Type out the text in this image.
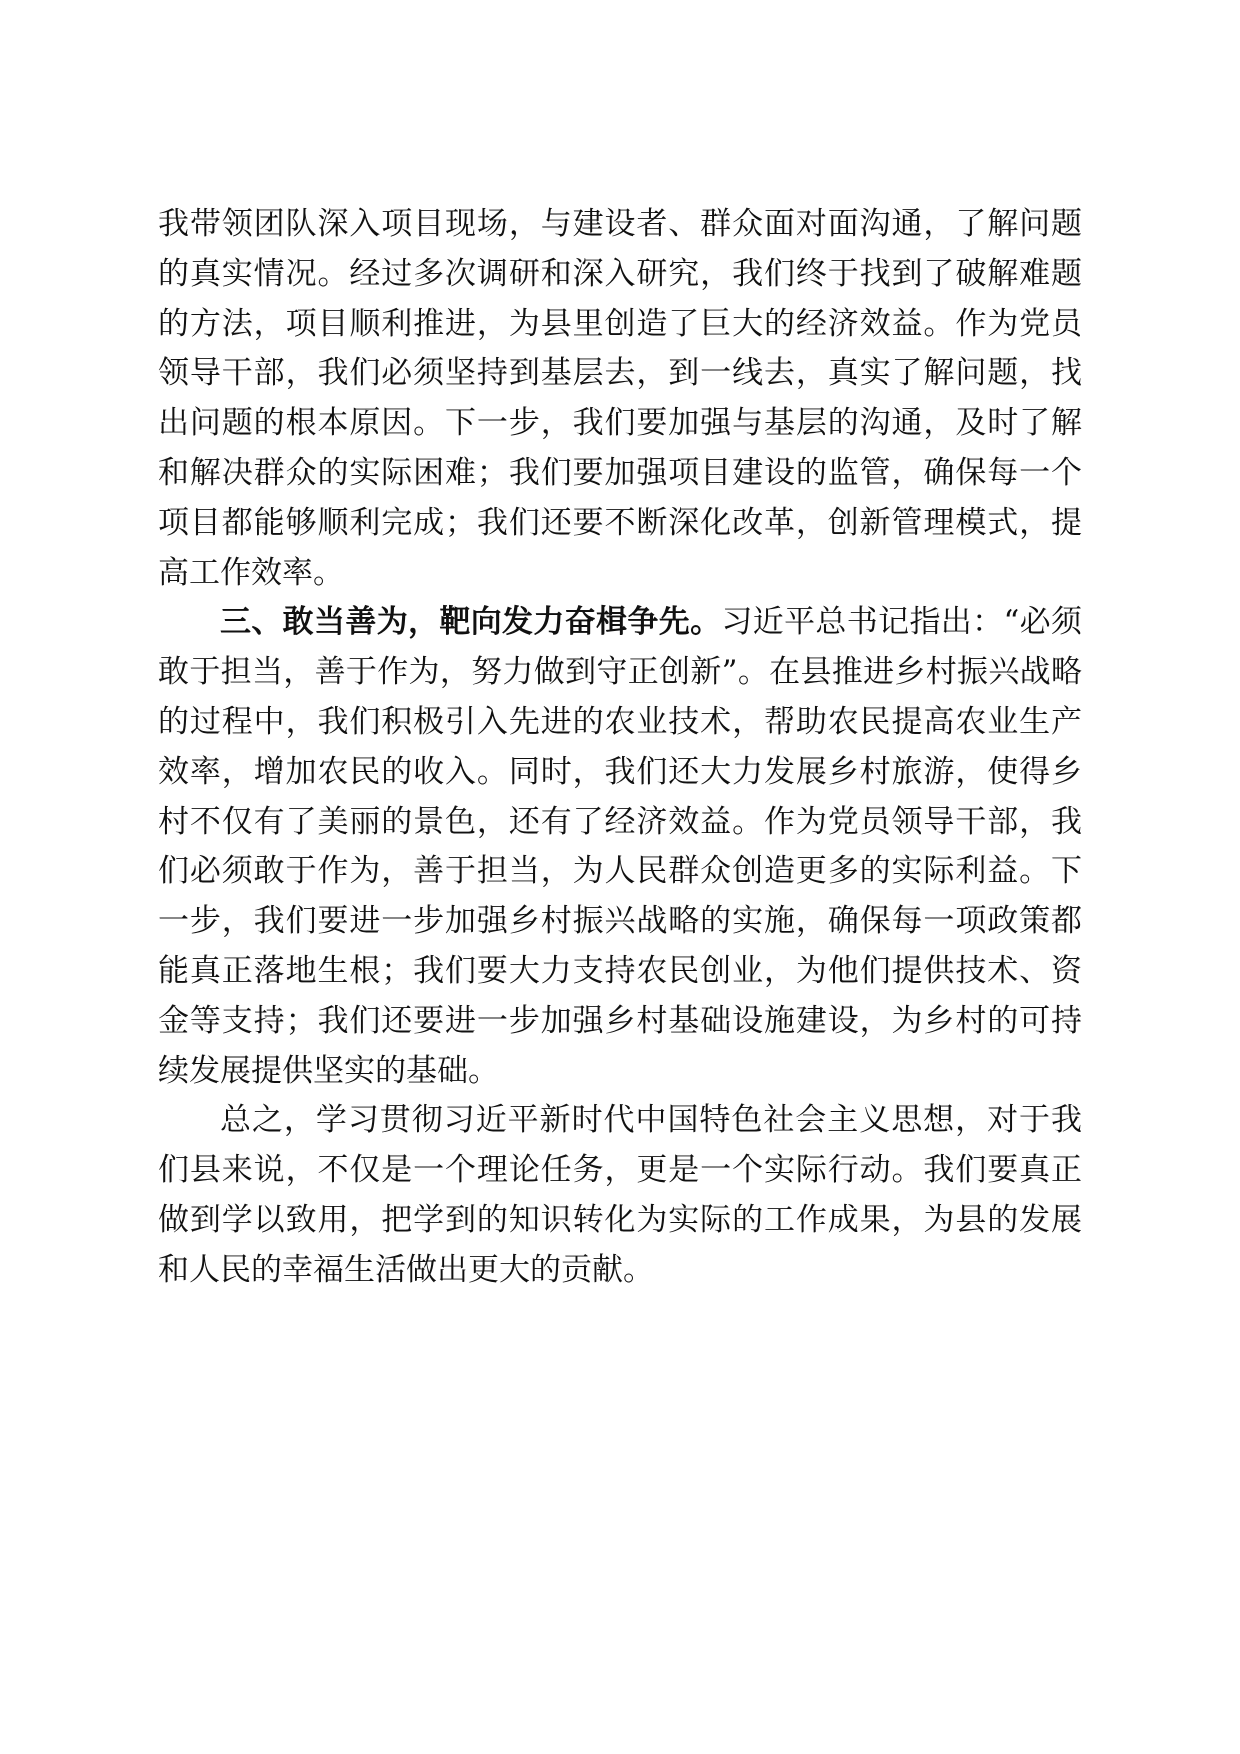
我带领团队深入项目现场，与建设者、群众面对面沟通，了解问题的真实情况。经过多次调研和深入研究，我们终于找到了破解难题的方法，项目顺利推进，为县里创造了巨大的经济效益。作为党员领导干部，我们必须坚持到基层去，到一线去，真实了解问题，找出问题的根本原因。下一步，我们要加强与基层的沟通，及时了解和解决群众的实际困难；我们要加强项目建设的监管，确保每一个项目都能够顺利完成；我们还要不断深化改革，创新管理模式，提高工作效率。

三、敢当善为，靶向发力奋楫争先。习近平总书记指出：“必须敢于担当，善于作为，努力做到守正创新”。在县推进乡村振兴战略的过程中，我们积极引入先进的农业技术，帮助农民提高农业生产效率，增加农民的收入。同时，我们还大力发展乡村旅游，使得乡村不仅有了美丽的景色，还有了经济效益。作为党员领导干部，我们必须敢于作为，善于担当，为人民群众创造更多的实际利益。下一步，我们要进一步加强乡村振兴战略的实施，确保每一项政策都能真正落地生根；我们要大力支持农民创业，为他们提供技术、资金等支持；我们还要进一步加强乡村基础设施建设，为乡村的可持续发展提供坚实的基础。

总之，学习贯彻习近平新时代中国特色社会主义思想，对于我们县来说，不仅是一个理论任务，更是一个实际行动。我们要真正做到学以致用，把学到的知识转化为实际的工作成果，为县的发展和人民的幸福生活做出更大的贡献。
